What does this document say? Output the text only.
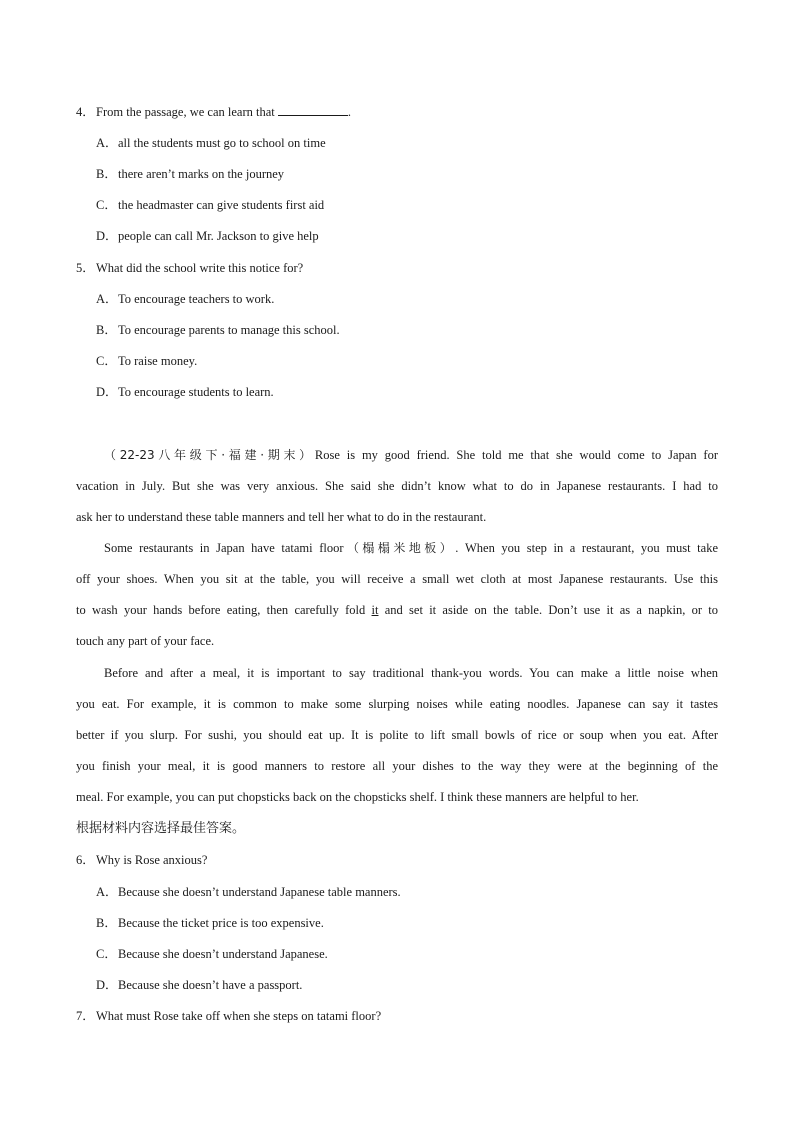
4．From the passage, we can learn that	.
A．all the students must go to school on time
B．there aren’t marks on the journey
C．the headmaster can give students first aid
D．people can call Mr. Jackson to give help
5．What did the school write this notice for?
A．To encourage teachers to work.
B．To encourage parents to manage this school.
C．To raise money.
D．To encourage students to learn.
（22-23八年级下·福建·期末）Rose is my good friend. She told me that she would come to Japan for
vacation in July. But she was very anxious. She said she didn’t know what to do in Japanese restaurants. I had to
ask her to understand these table manners and tell her what to do in the restaurant.
Some restaurants in Japan have tatami floor（榻榻米地板）. When you step in a restaurant, you must take
off your shoes. When you sit at the table, you will receive a small wet cloth at most Japanese restaurants. Use this
to wash your hands before eating, then carefully fold it and set it aside on the table. Don’t use it as a napkin, or to
touch any part of your face.
Before and after a meal, it is important to say traditional thank-you words. You can make a little noise when
you eat. For example, it is common to make some slurping noises while eating noodles. Japanese can say it tastes
better if you slurp. For sushi, you should eat up. It is polite to lift small bowls of rice or soup when you eat. After
you finish your meal, it is good manners to restore all your dishes to the way they were at the beginning of the
meal. For example, you can put chopsticks back on the chopsticks shelf. I think these manners are helpful to her.
根据材料内容选择最佳答案。
6．Why is Rose anxious?
A．Because she doesn’t understand Japanese table manners.
B．Because the ticket price is too expensive.
C．Because she doesn’t understand Japanese.
D．Because she doesn’t have a passport.
7．What must Rose take off when she steps on tatami floor?
